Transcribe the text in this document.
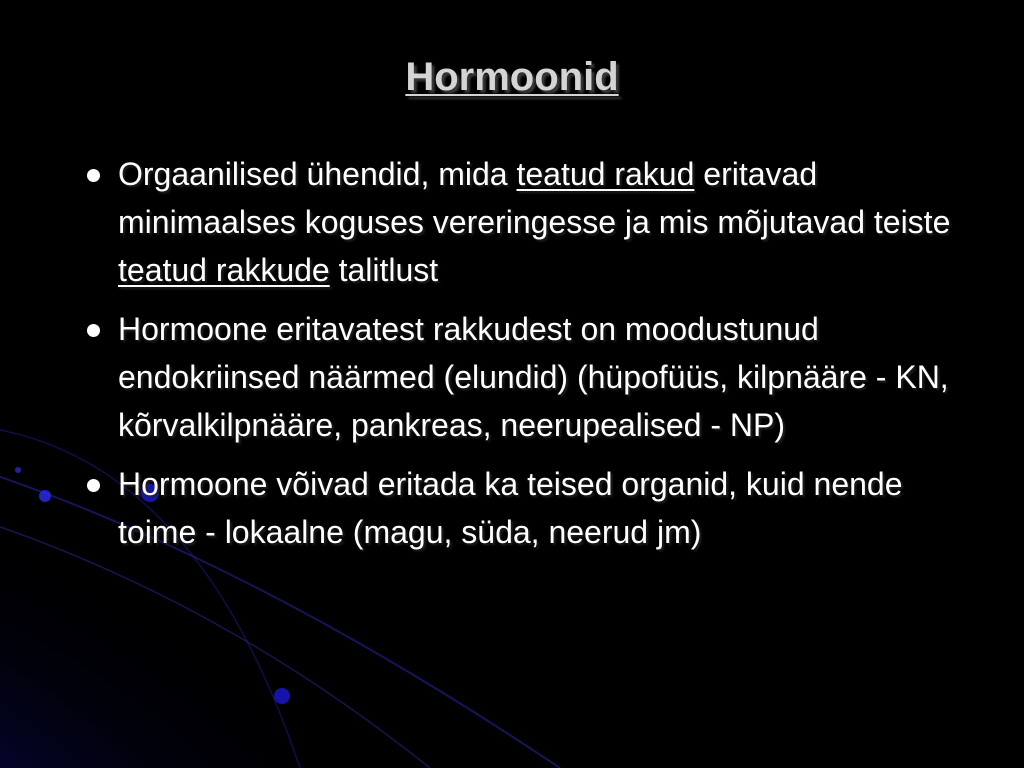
Hormoonid
Orgaanilised ühendid, mida teatud rakud eritavad minimaalses koguses vereringesse ja mis mõjutavad teiste teatud rakkude talitlust
Hormoone eritavatest rakkudest on moodustunud endokriinsed näärmed (elundid) (hüpofüüs, kilpnääre - KN, kõrvalkilpnääre, pankreas, neerupealised - NP)
Hormoone võivad eritada ka teised organid, kuid nende toime - lokaalne (magu, süda, neerud jm)
